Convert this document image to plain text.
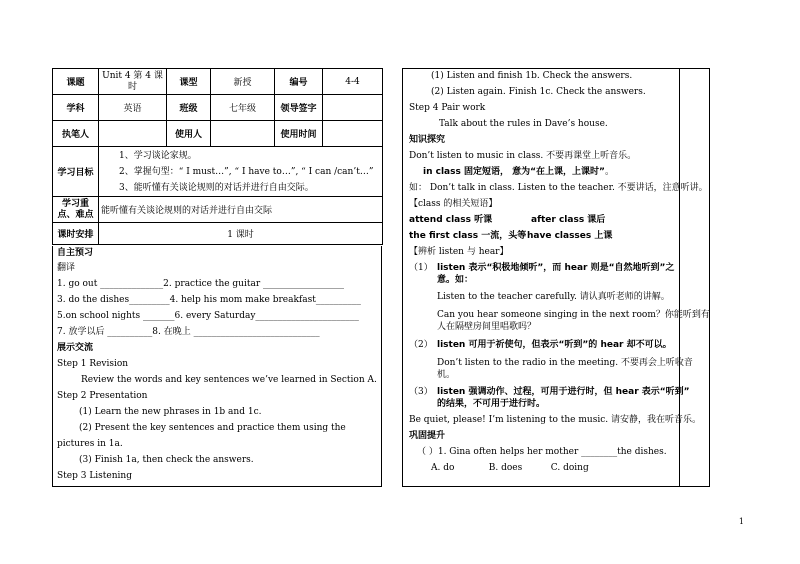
课题	Unit 4 第 4 课时	课型	新授	编号	4-4
学科	英语	班级	七年级	领导签字	
执笔人		使用人		使用时间	
学习目标	1、学习谈论家规。
2、掌握句型：“ I must…”, “ I have to…”, “ I can /can’t…”
3、能听懂有关谈论规则的对话并进行自由交际。				

学习重
点、难点	能听懂有关谈论规则的对话并进行自由交际				
课时安排	1 课时				
自主预习
翻译
1. go out ______________2. practice the guitar __________________
3. do the dishes_________4. help his mom make breakfast__________
5.on school nights _______6. every Saturday_______________________
7. 放学以后 __________8. 在晚上 ____________________________
展示交流
Step 1 Revision
Review the words and key sentences we’ve learned in Section A.
Step 2 Presentation
(1) Learn the new phrases in 1b and 1c.
(2) Present the key sentences and practice them using the
pictures in 1a.
(3) Finish 1a, then check the answers.
Step 3 Listening
(1) Listen and finish 1b. Check the answers.
(2) Listen again. Finish 1c. Check the answers.
Step 4 Pair work
Talk about the rules in Dave’s house.
知识探究
Don’t listen to music in class. 不要再课堂上听音乐。
in class 固定短语， 意为“在上课，上课时”。
如： Don’t talk in class. Listen to the teacher. 不要讲话，注意听讲。
【class 的相关短语】
attend class 听课	after class 课后
the first class 一流，头等 have classes 上课
【辨析 listen 与 hear】
（1） listen 表示“积极地倾听”，而 hear 则是“自然地听到”之
意。如：
Listen to the teacher carefully. 请认真听老师的讲解。
Can you hear someone singing in the next room？你能听到有
人在隔壁房间里唱歌吗？
（2） listen 可用于祈使句，但表示“听到”的 hear 却不可以。
Don’t listen to the radio in the meeting. 不要再会上听收音
机。
（3） listen 强调动作、过程，可用于进行时，但 hear 表示“听到”
的结果，不可用于进行时。
Be quiet, please! I’m listening to the music. 请安静，我在听音乐。
巩固提升
（ ）1. Gina often helps her mother ________the dishes.
A. do            B. does          C. doing
1
